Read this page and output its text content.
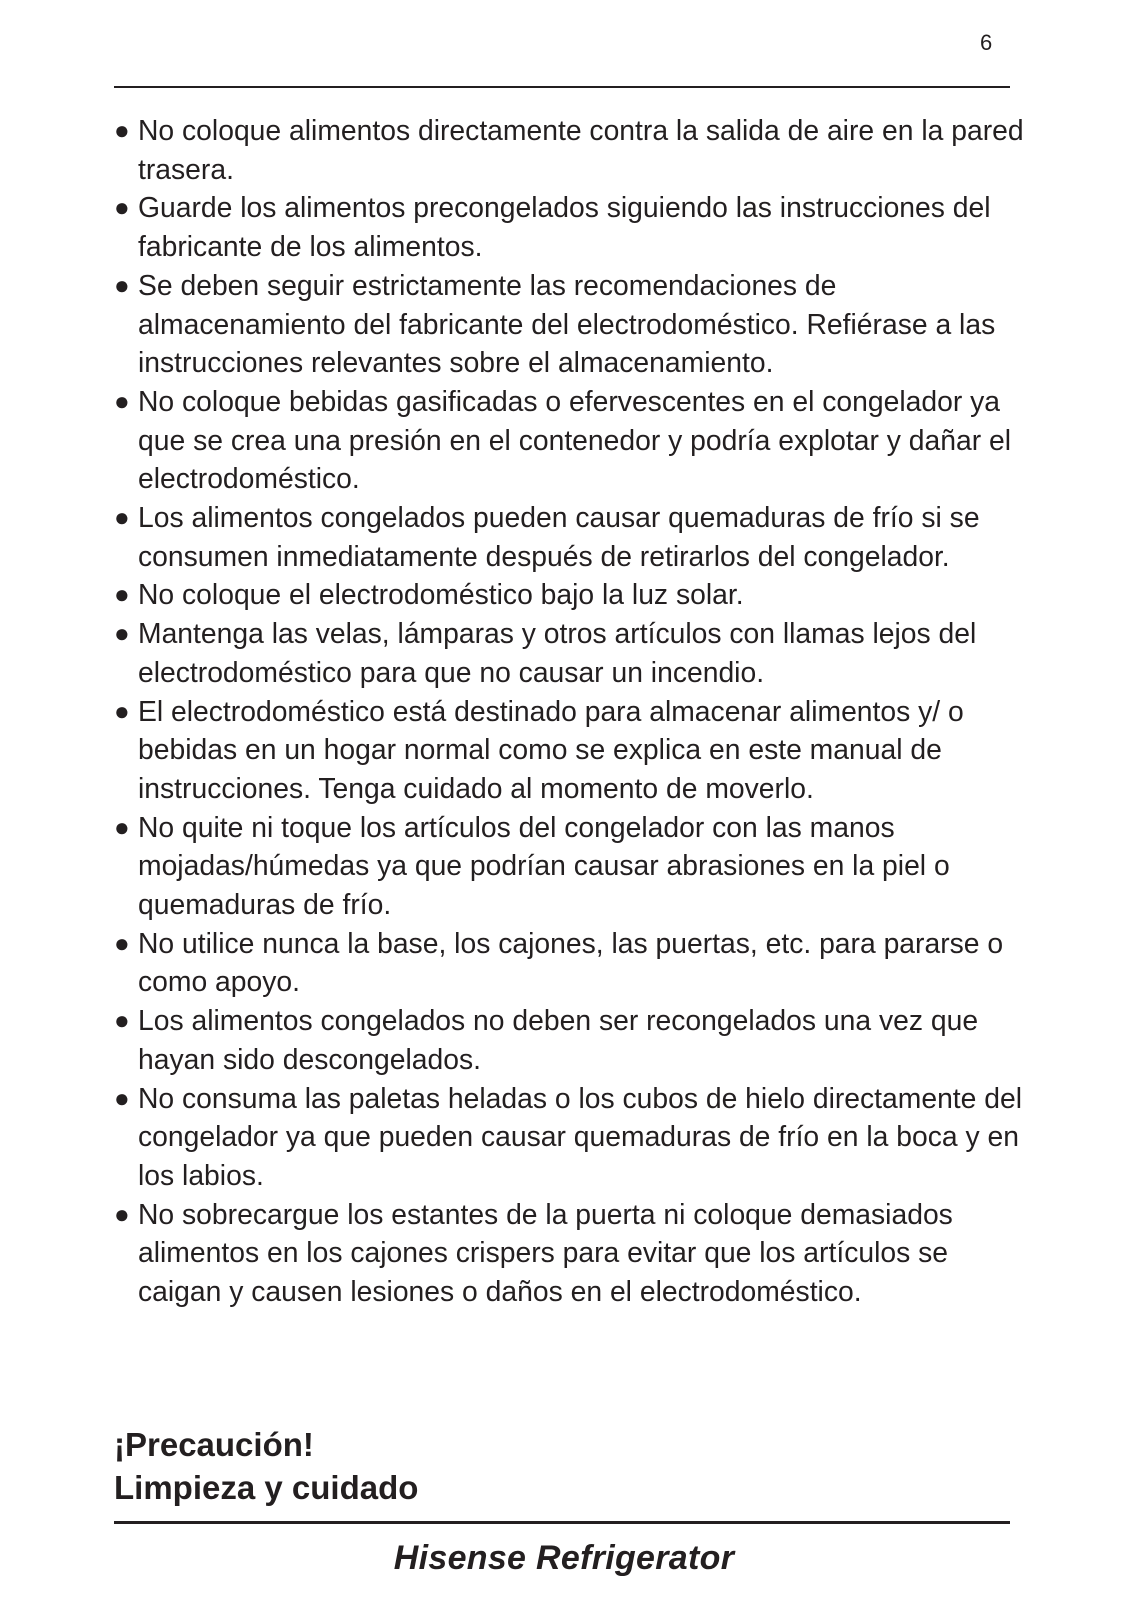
6
● No coloque alimentos directamente contra la salida de aire en la pared trasera.
● Guarde los alimentos precongelados siguiendo las instrucciones del fabricante de los alimentos.
● Se deben seguir estrictamente las recomendaciones de almacenamiento del fabricante del electrodoméstico. Refiérase a las instrucciones relevantes sobre el almacenamiento.
● No coloque bebidas gasificadas o efervescentes en el congelador ya que se crea una presión en el contenedor y podría explotar y dañar el electrodoméstico.
● Los alimentos congelados pueden causar quemaduras de frío si se consumen inmediatamente después de retirarlos del congelador.
● No coloque el electrodoméstico bajo la luz solar.
● Mantenga las velas, lámparas y otros artículos con llamas lejos del electrodoméstico para que no causar un incendio.
● El electrodoméstico está destinado para almacenar alimentos y/ o bebidas en un hogar normal como se explica en este manual de instrucciones. Tenga cuidado al momento de moverlo.
● No quite ni toque los artículos del congelador con las manos mojadas/húmedas ya que podrían causar abrasiones en la piel o quemaduras de frío.
● No utilice nunca la base, los cajones, las puertas, etc. para pararse o como apoyo.
● Los alimentos congelados no deben ser recongelados una vez que hayan sido descongelados.
● No consuma las paletas heladas o los cubos de hielo directamente del congelador ya que pueden causar quemaduras de frío en la boca y en los labios.
● No sobrecargue los estantes de la puerta ni coloque demasiados alimentos en los cajones crispers para evitar que los artículos se caigan y causen lesiones o daños en el electrodoméstico.
¡Precaución!
Limpieza y cuidado
Hisense Refrigerator
